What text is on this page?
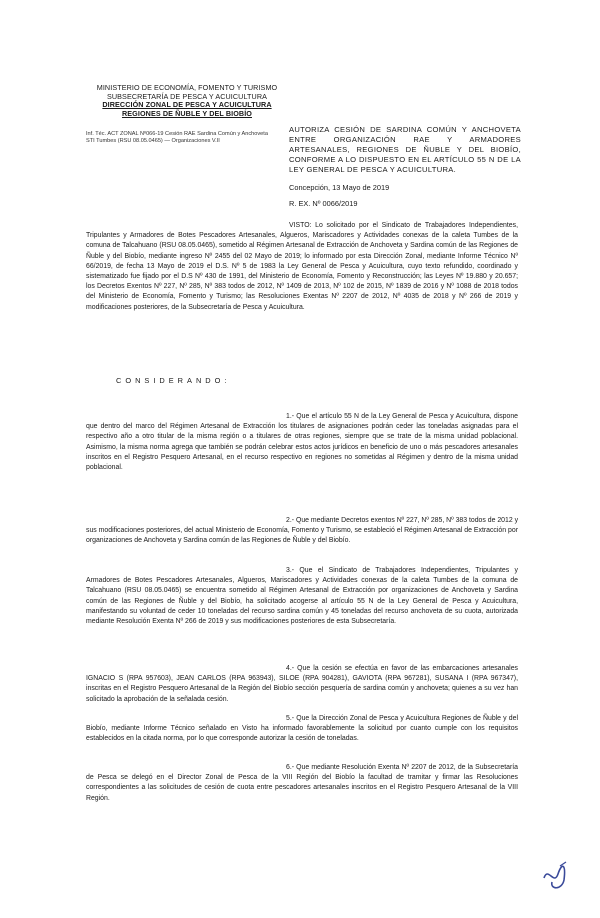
MINISTERIO DE ECONOMÍA, FOMENTO Y TURISMO
SUBSECRETARÍA DE PESCA Y ACUICULTURA
DIRECCIÓN ZONAL DE PESCA Y ACUICULTURA
REGIONES DE ÑUBLE Y DEL BIOBÍO
Inf. Téc. ACT ZONAL Nº066-19 Cesión RAE Sardina Común y Anchoveta
STI Tumbes (RSU 08.05.0465) — Organizaciones V.II
AUTORIZA CESIÓN DE SARDINA COMÚN Y ANCHOVETA ENTRE ORGANIZACIÓN RAE Y ARMADORES ARTESANALES, REGIONES DE ÑUBLE Y DEL BIOBÍO, CONFORME A LO DISPUESTO EN EL ARTÍCULO 55 N DE LA LEY GENERAL DE PESCA Y ACUICULTURA.
Concepción, 13 Mayo de 2019
R. EX. Nº 0066/2019
VISTO: Lo solicitado por el Sindicato de Trabajadores Independientes, Tripulantes y Armadores de Botes Pescadores Artesanales, Algueros, Mariscadores y Actividades conexas de la caleta Tumbes de la comuna de Talcahuano (RSU 08.05.0465), sometido al Régimen Artesanal de Extracción de Anchoveta y Sardina común de las Regiones de Ñuble y del Biobío, mediante ingreso Nº 2455 del 02 Mayo de 2019; lo informado por esta Dirección Zonal, mediante Informe Técnico Nº 66/2019, de fecha 13 Mayo de 2019 el D.S. Nº 5 de 1983 la Ley General de Pesca y Acuicultura, cuyo texto refundido, coordinado y sistematizado fue fijado por el D.S Nº 430 de 1991, del Ministerio de Economía, Fomento y Reconstrucción; las Leyes Nº 19.880 y 20.657; los Decretos Exentos Nº 227, Nº 285, Nº 383 todos de 2012, Nº 1409 de 2013, Nº 102 de 2015, Nº 1839 de 2016 y Nº 1088 de 2018 todos del Ministerio de Economía, Fomento y Turismo; las Resoluciones Exentas Nº 2207 de 2012, Nº 4035 de 2018 y Nº 266 de 2019 y modificaciones posteriores, de la Subsecretaría de Pesca y Acuicultura.
CONSIDERANDO:
1.- Que el artículo 55 N de la Ley General de Pesca y Acuicultura, dispone que dentro del marco del Régimen Artesanal de Extracción los titulares de asignaciones podrán ceder las toneladas asignadas para el respectivo año a otro titular de la misma región o a titulares de otras regiones, siempre que se trate de la misma unidad poblacional. Asimismo, la misma norma agrega que también se podrán celebrar estos actos jurídicos en beneficio de uno o más pescadores artesanales inscritos en el Registro Pesquero Artesanal, en el recurso respectivo en regiones no sometidas al Régimen y dentro de la misma unidad poblacional.
2.- Que mediante Decretos exentos Nº 227, Nº 285, Nº 383 todos de 2012 y sus modificaciones posteriores, del actual Ministerio de Economía, Fomento y Turismo, se estableció el Régimen Artesanal de Extracción por organizaciones de Anchoveta y Sardina común de las Regiones de Ñuble y del Biobío.
3.- Que el Sindicato de Trabajadores Independientes, Tripulantes y Armadores de Botes Pescadores Artesanales, Algueros, Mariscadores y Actividades conexas de la caleta Tumbes de la comuna de Talcahuano (RSU 08.05.0465) se encuentra sometido al Régimen Artesanal de Extracción por organizaciones de Anchoveta y Sardina común de las Regiones de Ñuble y del Biobío, ha solicitado acogerse al artículo 55 N de la Ley General de Pesca y Acuicultura, manifestando su voluntad de ceder 10 toneladas del recurso sardina común y 45 toneladas del recurso anchoveta de su cuota, autorizada mediante Resolución Exenta Nº 266 de 2019 y sus modificaciones posteriores de esta Subsecretaría.
4.- Que la cesión se efectúa en favor de las embarcaciones artesanales IGNACIO S (RPA 957603), JEAN CARLOS (RPA 963943), SILOE (RPA 904281), GAVIOTA (RPA 967281), SUSANA I (RPA 967347), inscritas en el Registro Pesquero Artesanal de la Región del Biobío sección pesquería de sardina común y anchoveta; quienes a su vez han solicitado la aprobación de la señalada cesión.
5.- Que la Dirección Zonal de Pesca y Acuicultura Regiones de Ñuble y del Biobío, mediante Informe Técnico señalado en Visto ha informado favorablemente la solicitud por cuanto cumple con los requisitos establecidos en la citada norma, por lo que corresponde autorizar la cesión de toneladas.
6.- Que mediante Resolución Exenta Nº 2207 de 2012, de la Subsecretaría de Pesca se delegó en el Director Zonal de Pesca de la VIII Región del Biobío la facultad de tramitar y firmar las Resoluciones correspondientes a las solicitudes de cesión de cuota entre pescadores artesanales inscritos en el Registro Pesquero Artesanal de la VIII Región.
